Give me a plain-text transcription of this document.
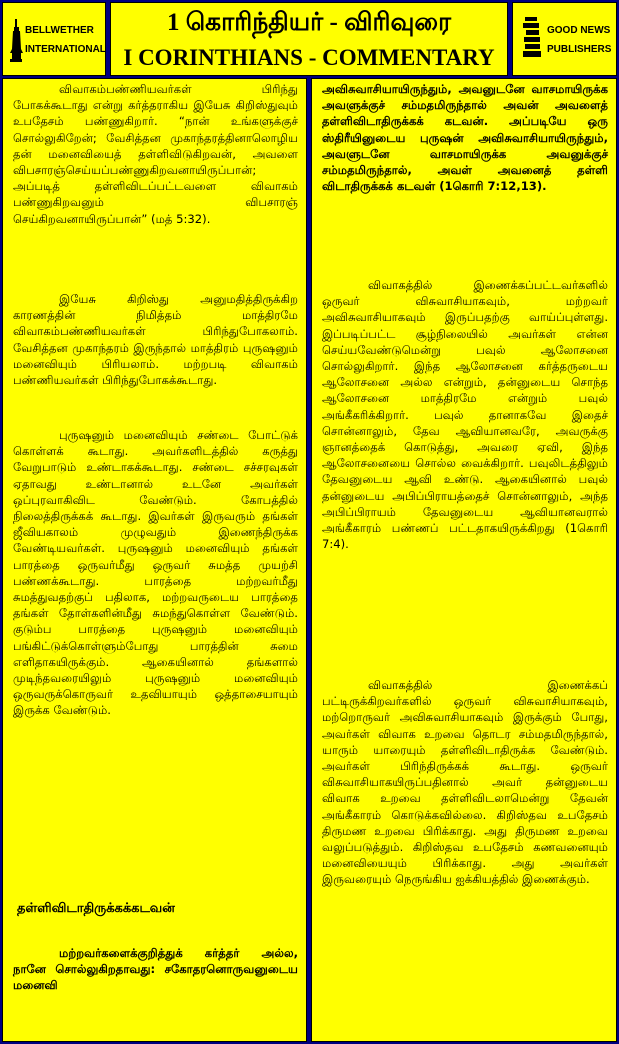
BELLWETHER
INTERNATIONAL
1 கொரிந்தியர் - விரிவுரை
I CORINTHIANS - COMMENTARY
GOOD NEWS
PUBLISHERS

விவாகம்பண்ணியவர்கள் பிரிந்து போகக்கூடாது என்று கர்த்தராகிய இயேசு கிறிஸ்துவும் உபதேசம் பண்ணுகிறார். “நான் உங்களுக்குச் சொல்லுகிறேன்; வேசித்தன முகாந்தரத்தினாலொழிய தன் மனைவியைத் தள்ளிவிடுகிறவன், அவளை விபசாரஞ்செய்யப்பண்ணுகிறவனாயிருப்பான்; அப்படித் தள்ளிவிடப்பட்டவளை விவாகம் பண்ணுகிறவனும் விபசாரஞ் செய்கிறவனாயிருப்பான்” (மத் 5:32).

இயேசு கிறிஸ்து அனுமதித்திருக்கிற காரணத்தின் நிமித்தம் மாத்திரமே விவாகம்பண்ணியவர்கள் பிரிந்துபோகலாம். வேசித்தன முகாந்தரம் இருந்தால் மாத்திரம் புருஷனும் மனைவியும் பிரியலாம். மற்றபடி விவாகம் பண்ணியவர்கள் பிரிந்துபோகக்கூடாது.

புருஷனும் மனைவியும் சண்டை போட்டுக் கொள்ளக் கூடாது. அவர்களிடத்தில் கருத்து வேறுபாடும் உண்டாகக்கூடாது. சண்டை சச்சரவுகள் ஏதாவது உண்டானால் உடனே அவர்கள் ஒப்புரவாகிவிட வேண்டும். கோபத்தில் நிலைத்திருக்கக் கூடாது. இவர்கள் இருவரும் தங்கள் ஜீவியகாலம் முழுவதும் இணைந்திருக்க வேண்டியவர்கள். புருஷனும் மனைவியும் தங்கள் பாரத்தை ஒருவர்மீது ஒருவர் சுமத்த முயற்சி பண்ணக்கூடாது. பாரத்தை மற்றவர்மீது சுமத்துவதற்குப் பதிலாக, மற்றவருடைய பாரத்தை தங்கள் தோள்களின்மீது சுமந்துகொள்ள வேண்டும். குடும்ப பாரத்தை புருஷனும் மனைவியும் பங்கிட்டுக்கொள்ளும்போது பாரத்தின் சுமை எளிதாகயிருக்கும். ஆகையினால் தங்களால் முடிந்தவரையிலும் புருஷனும் மனைவியும் ஒருவருக்கொருவர் உதவியாயும் ஒத்தாசையாயும் இருக்க வேண்டும்.

தள்ளிவிடாதிருக்கக்கடவன்

மற்றவர்களைக்குறித்துக் கர்த்தர் அல்ல, நானே சொல்லுகிறதாவது: சகோதரனொருவனுடைய மனைவி

அவிசுவாசியாயிருந்தும், அவனுடனே வாசமாயிருக்க அவளுக்குச் சம்மதமிருந்தால் அவன் அவளைத் தள்ளிவிடாதிருக்கக் கடவன். அப்படியே ஒரு ஸ்திரீயினுடைய புருஷன் அவிசுவாசியாயிருந்தும், அவளுடனே வாசமாயிருக்க அவனுக்குச் சம்மதமிருந்தால், அவள் அவனைத் தள்ளி விடாதிருக்கக் கடவள் (1கொரி 7:12,13).

விவாகத்தில் இணைக்கப்பட்டவர்களில் ஒருவர் விசுவாசியாகவும், மற்றவர் அவிசுவாசியாகவும் இருப்பதற்கு வாய்ப்புள்ளது. இப்படிப்பட்ட சூழ்நிலையில் அவர்கள் என்ன செய்யவேண்டுமென்று பவுல் ஆலோசனை சொல்லுகிறார். இந்த ஆலோசனை கர்த்தருடைய ஆலோசனை அல்ல என்றும், தன்னுடைய சொந்த ஆலோசனை மாத்திரமே என்றும் பவுல் அங்கீகரிக்கிறார். பவுல் தானாகவே இதைச் சொன்னாலும், தேவ ஆவியானவரே, அவருக்கு ஞானத்தைக் கொடுத்து, அவரை ஏவி, இந்த ஆலோசனையை சொல்ல வைக்கிறார். பவுலிடத்திலும் தேவனுடைய ஆவி உண்டு. ஆகையினால் பவுல் தன்னுடைய அபிப்பிராயத்தைச் சொன்னாலும், அந்த அபிப்பிராயம் தேவனுடைய ஆவியானவரால் அங்கீகாரம் பண்ணப் பட்டதாகயிருக்கிறது (1கொரி 7:4).

விவாகத்தில் இணைக்கப் பட்டிருக்கிறவர்களில் ஒருவர் விசுவாசியாகவும், மற்றொருவர் அவிசுவாசியாகவும் இருக்கும் போது, அவர்கள் விவாக உறவை தொடர சம்மதமிருந்தால், யாரும் யாரையும் தள்ளிவிடாதிருக்க வேண்டும். அவர்கள் பிரிந்திருக்கக் கூடாது. ஒருவர் விசுவாசியாகயிருப்பதினால் அவர் தன்னுடைய விவாக உறவை தள்ளிவிடலாமென்று தேவன் அங்கீகாரம் கொடுக்கவில்லை. கிறிஸ்தவ உபதேசம் திருமண உறவை பிரிக்காது. அது திருமண உறவை வலுப்படுத்தும். கிறிஸ்தவ உபதேசம் கணவனையும் மனைவியையும் பிரிக்காது. அது அவர்கள் இருவரையும் நெருங்கிய ஐக்கியத்தில் இணைக்கும்.
